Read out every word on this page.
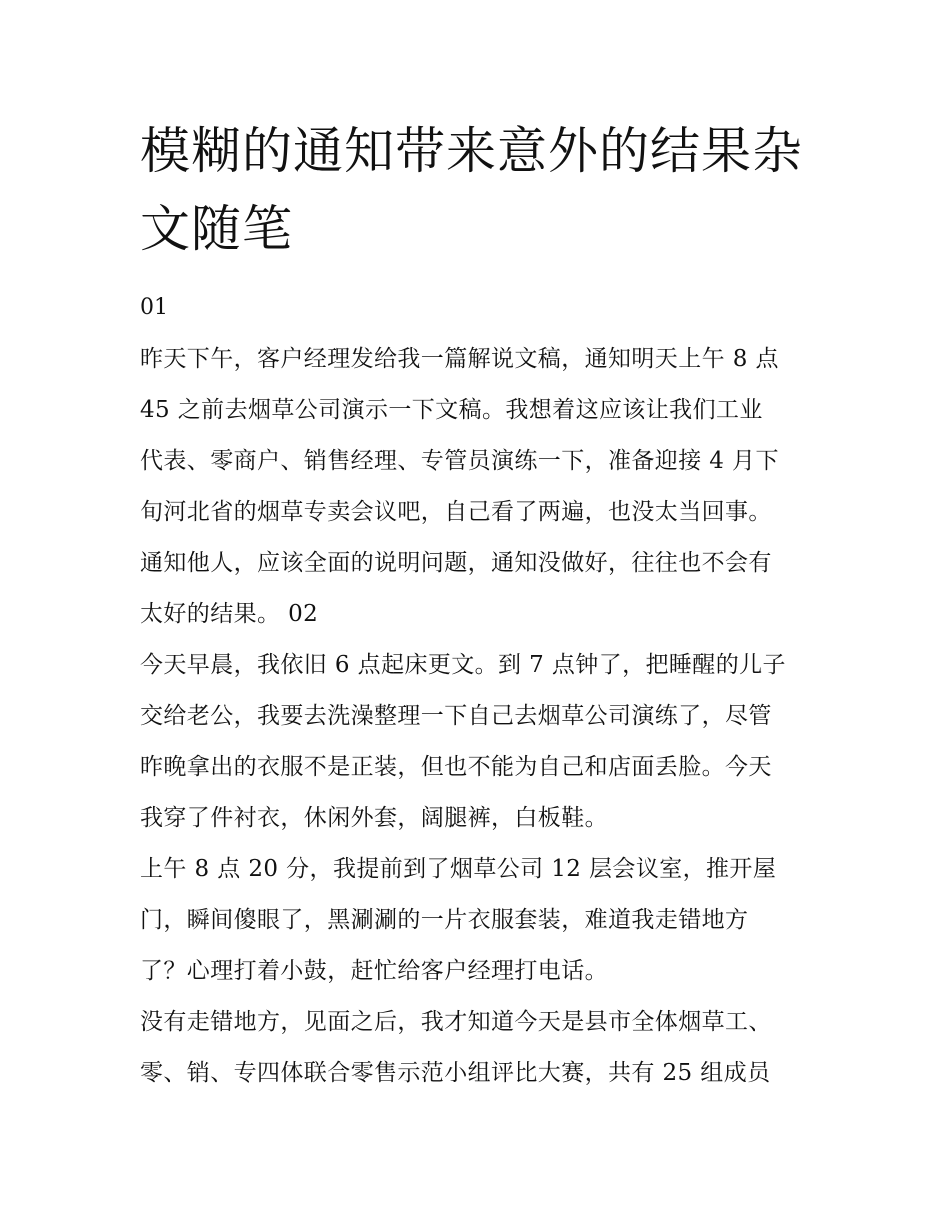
模糊的通知带来意外的结果杂
文随笔

01

昨天下午，客户经理发给我一篇解说文稿，通知明天上午 8 点
45 之前去烟草公司演示一下文稿。我想着这应该让我们工业
代表、零商户、销售经理、专管员演练一下，准备迎接 4 月下
旬河北省的烟草专卖会议吧，自己看了两遍，也没太当回事。
通知他人，应该全面的说明问题，通知没做好，往往也不会有
太好的结果。 02
今天早晨，我依旧 6 点起床更文。到 7 点钟了，把睡醒的儿子
交给老公，我要去洗澡整理一下自己去烟草公司演练了，尽管
昨晚拿出的衣服不是正装，但也不能为自己和店面丢脸。今天
我穿了件衬衣，休闲外套，阔腿裤，白板鞋。
上午 8 点 20 分，我提前到了烟草公司 12 层会议室，推开屋
门，瞬间傻眼了，黑涮涮的一片衣服套装，难道我走错地方
了？心理打着小鼓，赶忙给客户经理打电话。
没有走错地方，见面之后，我才知道今天是县市全体烟草工、
零、销、专四体联合零售示范小组评比大赛，共有 25 组成员
